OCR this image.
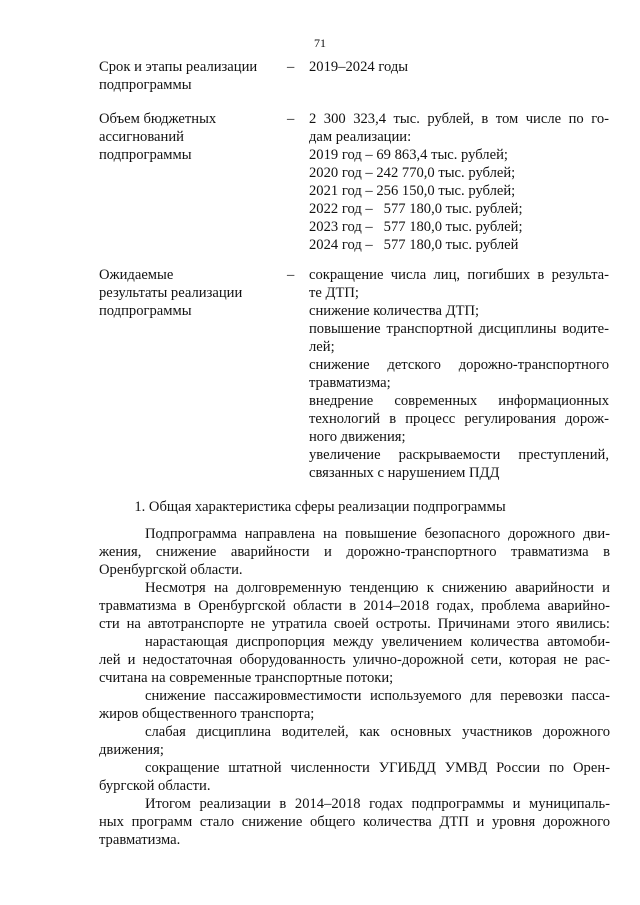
71
Срок и этапы реализации
подпрограммы
– 2019–2024 годы
Объем бюджетных
ассигнований
подпрограммы
– 2 300 323,4 тыс. рублей, в том числе по го-
дам реализации:
2019 год – 69 863,4 тыс. рублей;
2020 год – 242 770,0 тыс. рублей;
2021 год – 256 150,0 тыс. рублей;
2022 год –   577 180,0 тыс. рублей;
2023 год –   577 180,0 тыс. рублей;
2024 год –   577 180,0 тыс. рублей
Ожидаемые
результаты реализации
подпрограммы
– сокращение числа лиц, погибших в результа-
те ДТП;
снижение количества ДТП;
повышение транспортной дисциплины водите-
лей;
снижение детского дорожно-транспортного
травматизма;
внедрение современных информационных
технологий в процесс регулирования дорож-
ного движения;
увеличение раскрываемости преступлений,
связанных с нарушением ПДД
1. Общая характеристика сферы реализации подпрограммы
Подпрограмма направлена на повышение безопасного дорожного дви-
жения, снижение аварийности и дорожно-транспортного травматизма в
Оренбургской области.
Несмотря на долговременную тенденцию к снижению аварийности и
травматизма в Оренбургской области в 2014–2018 годах, проблема аварийно-
сти на автотранспорте не утратила своей остроты. Причинами этого явились:
нарастающая диспропорция между увеличением количества автомоби-
лей и недостаточная оборудованность улично-дорожной сети, которая не рас-
считана на современные транспортные потоки;
снижение пассажировместимости используемого для перевозки пассa-
жиров общественного транспорта;
слабая дисциплина водителей, как основных участников дорожного
движения;
сокращение штатной численности УГИБДД УМВД России по Орен-
бургской области.
Итогом реализации в 2014–2018 годах подпрограммы и муниципаль-
ных программ стало снижение общего количества ДТП и уровня дорожного
травматизма.
